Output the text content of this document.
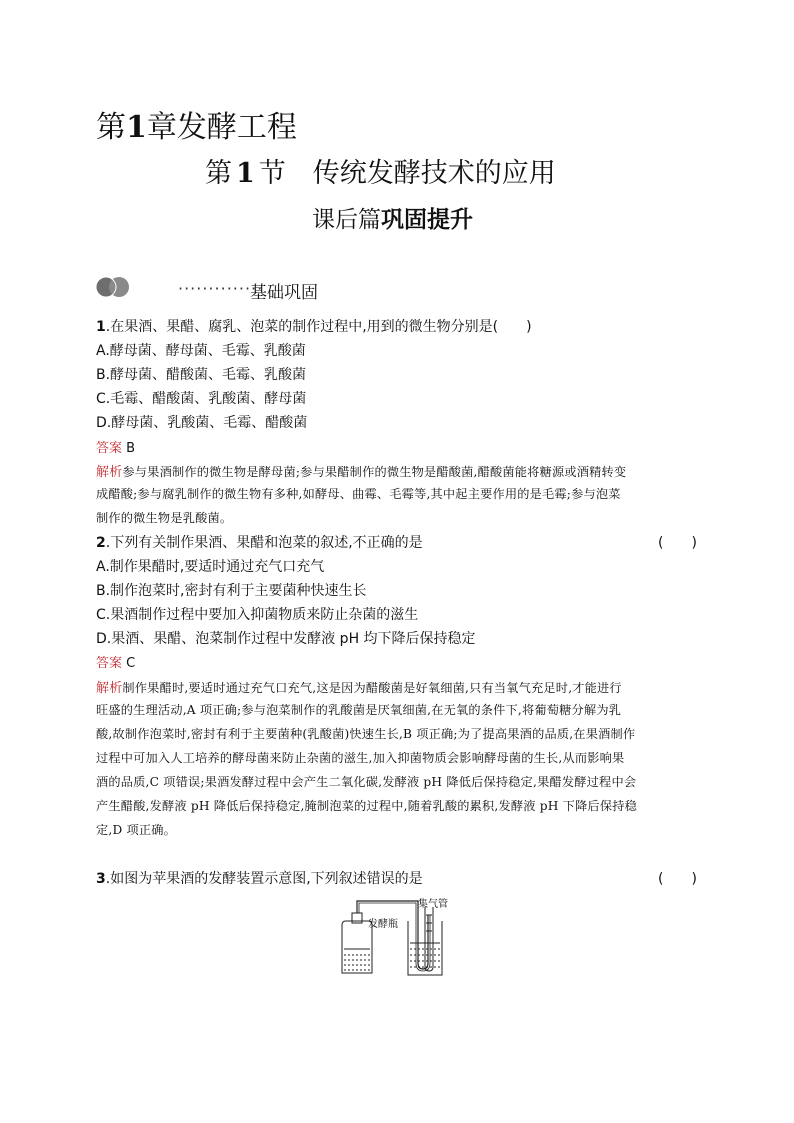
第1章发酵工程
第 1 节　传统发酵技术的应用
课后篇巩固提升
··············
基础巩固
1.在果酒、果醋、腐乳、泡菜的制作过程中,用到的微生物分别是(　　)
A.酵母菌、酵母菌、毛霉、乳酸菌
B.酵母菌、醋酸菌、毛霉、乳酸菌
C.毛霉、醋酸菌、乳酸菌、酵母菌
D.酵母菌、乳酸菌、毛霉、醋酸菌
答案 B
解析参与果酒制作的微生物是酵母菌;参与果醋制作的微生物是醋酸菌,醋酸菌能将糖源或酒精转变
成醋酸;参与腐乳制作的微生物有多种,如酵母、曲霉、毛霉等,其中起主要作用的是毛霉;参与泡菜
制作的微生物是乳酸菌。
2.下列有关制作果酒、果醋和泡菜的叙述,不正确的是	(　　)
A.制作果醋时,要适时通过充气口充气
B.制作泡菜时,密封有利于主要菌种快速生长
C.果酒制作过程中要加入抑菌物质来防止杂菌的滋生
D.果酒、果醋、泡菜制作过程中发酵液 pH 均下降后保持稳定
答案 C
解析制作果醋时,要适时通过充气口充气,这是因为醋酸菌是好氧细菌,只有当氧气充足时,才能进行
旺盛的生理活动,A 项正确;参与泡菜制作的乳酸菌是厌氧细菌,在无氧的条件下,将葡萄糖分解为乳
酸,故制作泡菜时,密封有利于主要菌种(乳酸菌)快速生长,B 项正确;为了提高果酒的品质,在果酒制作
过程中可加入人工培养的酵母菌来防止杂菌的滋生,加入抑菌物质会影响酵母菌的生长,从而影响果
酒的品质,C 项错误;果酒发酵过程中会产生二氧化碳,发酵液 pH 降低后保持稳定,果醋发酵过程中会
产生醋酸,发酵液 pH 降低后保持稳定,腌制泡菜的过程中,随着乳酸的累积,发酵液 pH 下降后保持稳
定,D 项正确。
3.如图为苹果酒的发酵装置示意图,下列叙述错误的是	(　　)
发酵瓶
集气管
